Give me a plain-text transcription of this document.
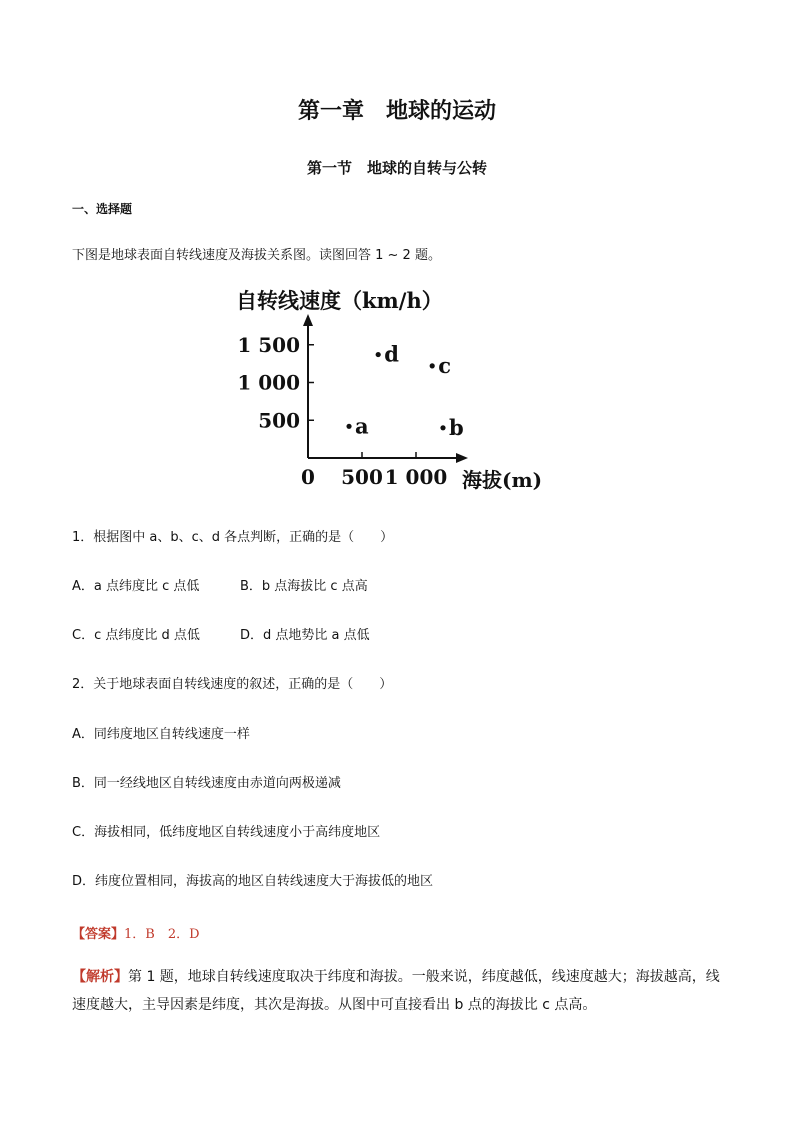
第一章　地球的运动
第一节　地球的自转与公转
一、选择题
下图是地球表面自转线速度及海拔关系图。读图回答 1 ~ 2 题。
自转线速度（km/h）
海拔(m)
0 500 1 000
500
1 000
1 500
a	b
c
d
1．根据图中 a、b、c、d 各点判断，正确的是（　　）
A．a 点纬度比 c 点低	B．b 点海拔比 c 点高
C．c 点纬度比 d 点低	D．d 点地势比 a 点低
2．关于地球表面自转线速度的叙述，正确的是（　　）
A．同纬度地区自转线速度一样
B．同一经线地区自转线速度由赤道向两极递减
C．海拔相同，低纬度地区自转线速度小于高纬度地区
D．纬度位置相同，海拔高的地区自转线速度大于海拔低的地区
【答案】1．B　2．D
【解析】第 1 题，地球自转线速度取决于纬度和海拔。一般来说，纬度越低，线速度越大；海拔越高，线速度越大，主导因素是纬度，其次是海拔。从图中可直接看出 b 点的海拔比 c 点高。
